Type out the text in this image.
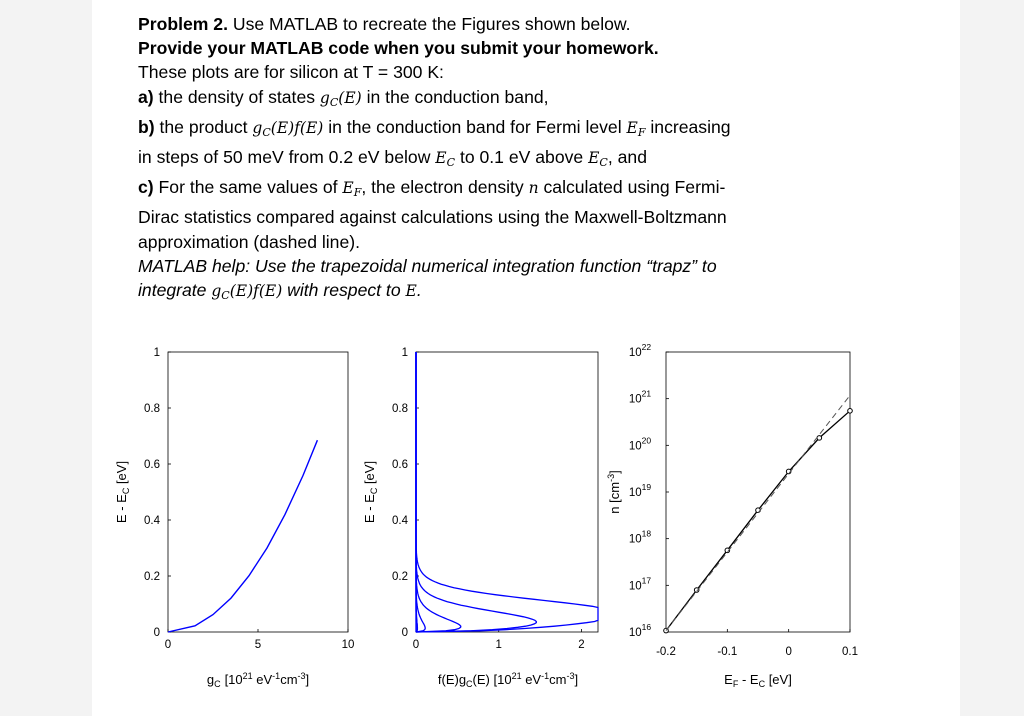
Problem 2. Use MATLAB to recreate the Figures shown below.
Provide your MATLAB code when you submit your homework.
These plots are for silicon at T = 300 K:
a) the density of states gC(E) in the conduction band,
b) the product gC(E)f(E) in the conduction band for Fermi level EF increasing
in steps of 50 meV from 0.2 eV below EC to 0.1 eV above EC, and
c) For the same values of EF, the electron density n calculated using Fermi-
Dirac statistics compared against calculations using the Maxwell-Boltzmann
approximation (dashed line).
MATLAB help: Use the trapezoidal numerical integration function “trapz” to
integrate gC(E)f(E) with respect to E.
0	5	10
0
0.2
0.4
0.6
0.8
1
$g_C$ [$10^{21}$ $eV^{-1}cm^{-3}$]
E - $E_C$ [eV]
0	1	2
0
0.2
0.4
0.6
0.8
1
$f(E)g_C(E)$ [$10^{21}$ $eV^{-1}cm^{-3}$]
E - $E_C$ [eV]
-0.2	-0.1	0	0.1
$10^{16}$
$10^{17}$
$10^{18}$
$10^{19}$
$10^{20}$
$10^{21}$
$10^{22}$
$E_F - E_C$ [eV]
n $[cm^{-3}]$
